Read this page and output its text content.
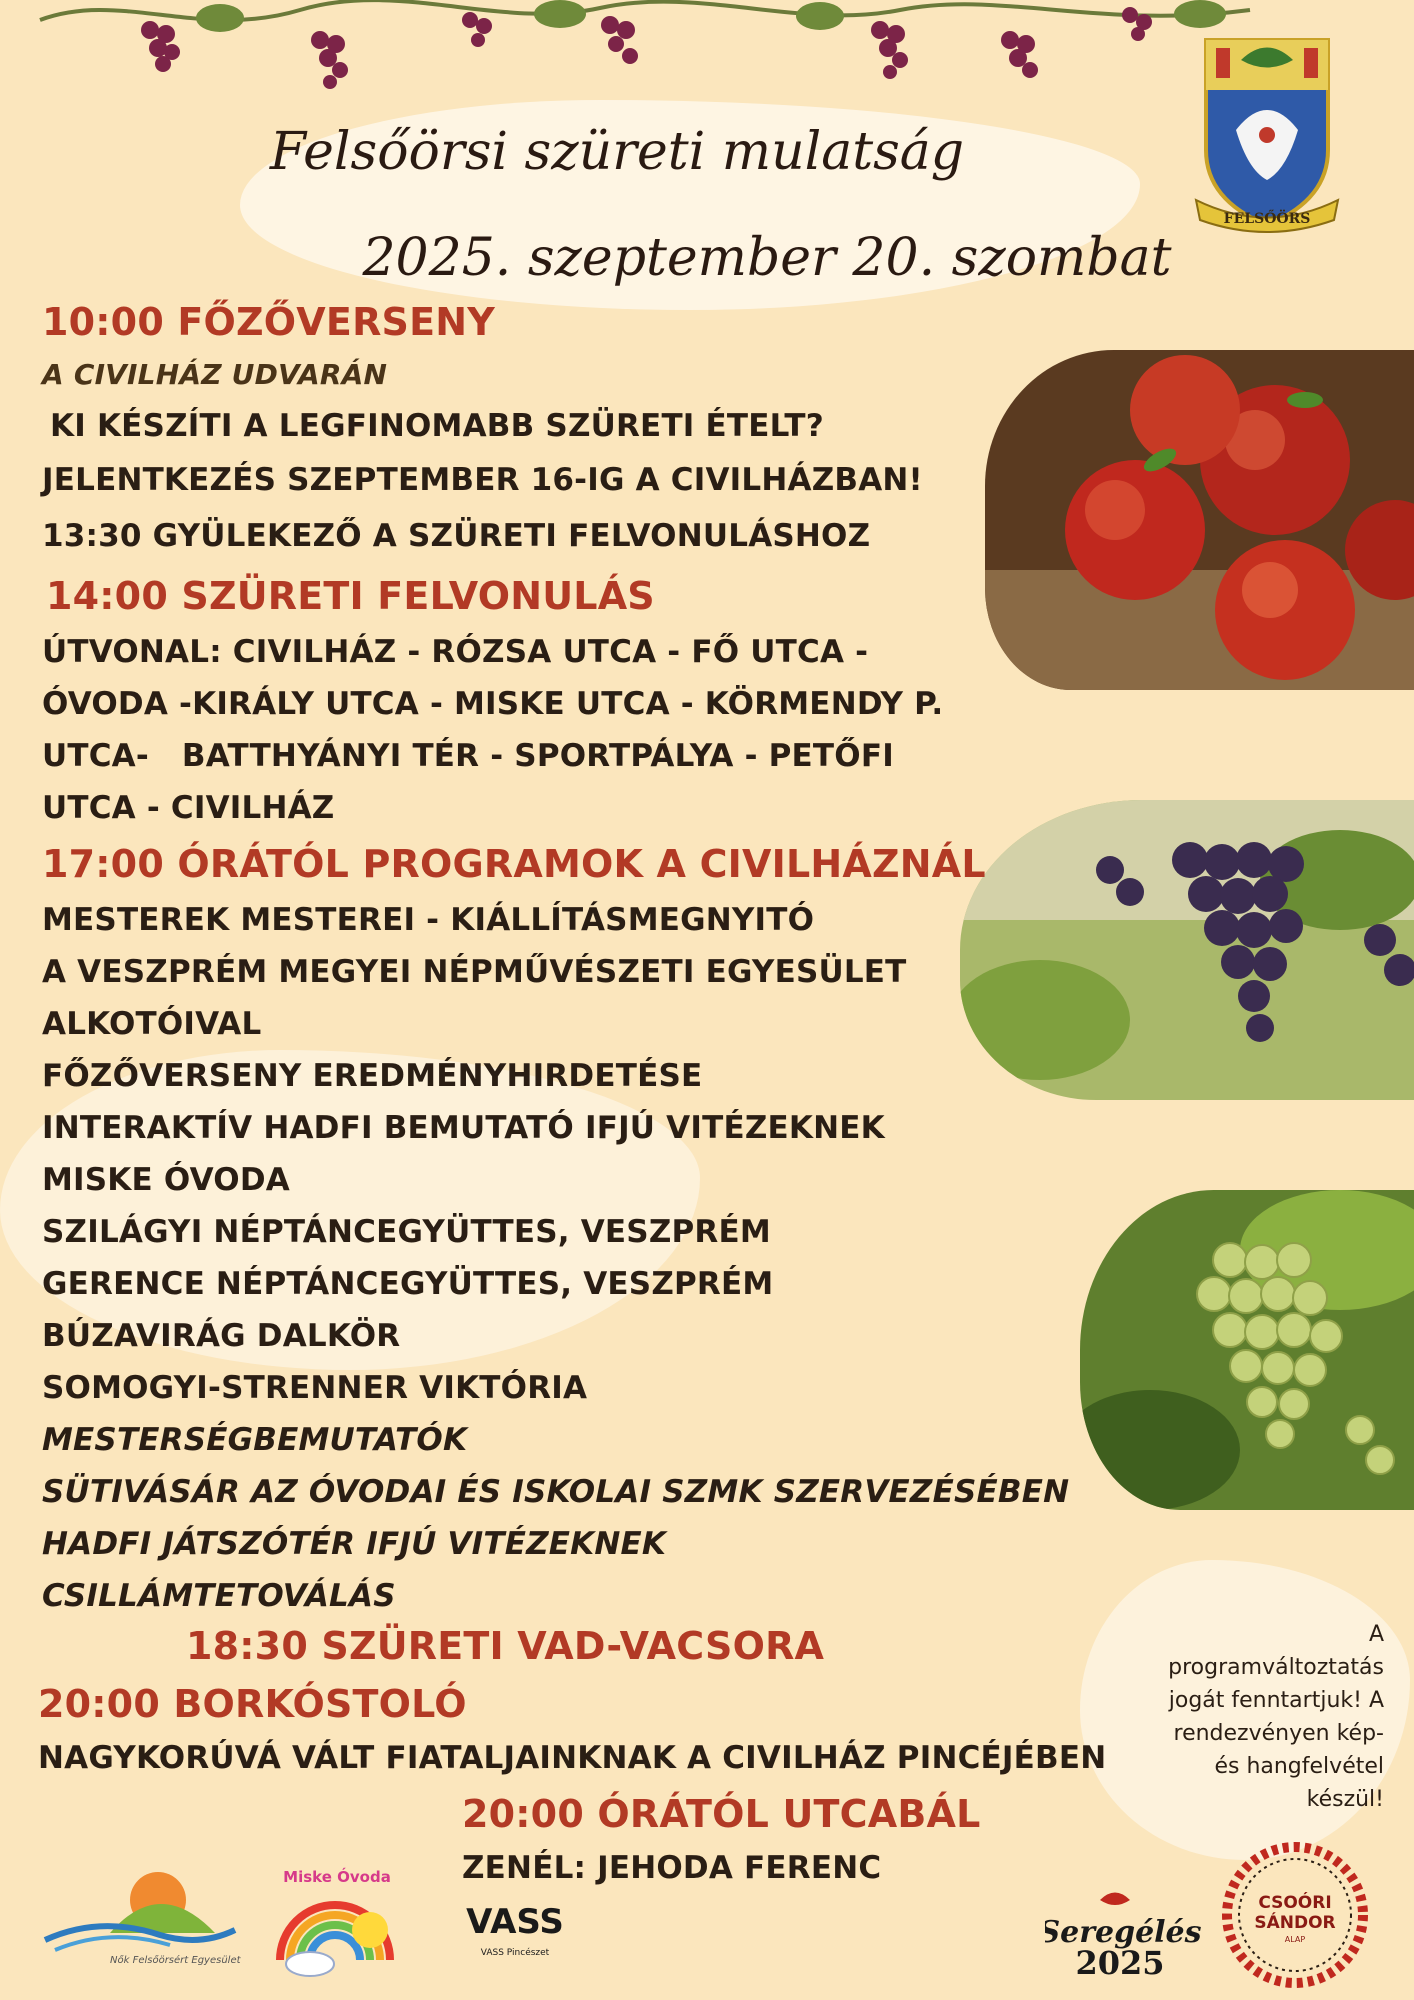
FELSŐÖRS
Felsőörsi szüreti mulatság
2025. szeptember 20. szombat
10:00 FŐZŐVERSENY
A CIVILHÁZ UDVARÁN
KI KÉSZÍTI A LEGFINOMABB SZÜRETI ÉTELT?
JELENTKEZÉS SZEPTEMBER 16-IG A CIVILHÁZBAN!
13:30 GYÜLEKEZŐ A SZÜRETI FELVONULÁSHOZ
14:00 SZÜRETI FELVONULÁS
ÚTVONAL: CIVILHÁZ - RÓZSA UTCA - FŐ UTCA -
ÓVODA -KIRÁLY UTCA - MISKE UTCA - KÖRMENDY P.
UTCA-   BATTHYÁNYI TÉR - SPORTPÁLYA - PETŐFI
UTCA - CIVILHÁZ
17:00 ÓRÁTÓL PROGRAMOK A CIVILHÁZNÁL
MESTEREK MESTEREI - KIÁLLÍTÁSMEGNYITÓ
A VESZPRÉM MEGYEI NÉPMŰVÉSZETI EGYESÜLET
ALKOTÓIVAL
FŐZŐVERSENY EREDMÉNYHIRDETÉSE
INTERAKTÍV HADFI BEMUTATÓ IFJÚ VITÉZEKNEK
MISKE ÓVODA
SZILÁGYI NÉPTÁNCEGYÜTTES, VESZPRÉM
GERENCE NÉPTÁNCEGYÜTTES, VESZPRÉM
BÚZAVIRÁG DALKÖR
SOMOGYI-STRENNER VIKTÓRIA
MESTERSÉGBEMUTATÓK
SÜTIVÁSÁR AZ ÓVODAI ÉS ISKOLAI SZMK SZERVEZÉSÉBEN
HADFI JÁTSZÓTÉR IFJÚ VITÉZEKNEK
CSILLÁMTETOVÁLÁS
18:30 SZÜRETI VAD-VACSORA
20:00 BORKÓSTOLÓ
NAGYKORÚVÁ VÁLT FIATALJAINKNAK A CIVILHÁZ PINCÉJÉBEN
20:00 ÓRÁTÓL UTCABÁL
ZENÉL: JEHODA FERENC
A
programváltoztatás
jogát fenntartjuk! A
rendezvényen kép-
és hangfelvétel
készül!
Nők Felsőörsért Egyesület
Miske Óvoda
VASS
VASS Pincészet
Seregélés
2025
CSOÓRI
SÁNDOR
ALAP
